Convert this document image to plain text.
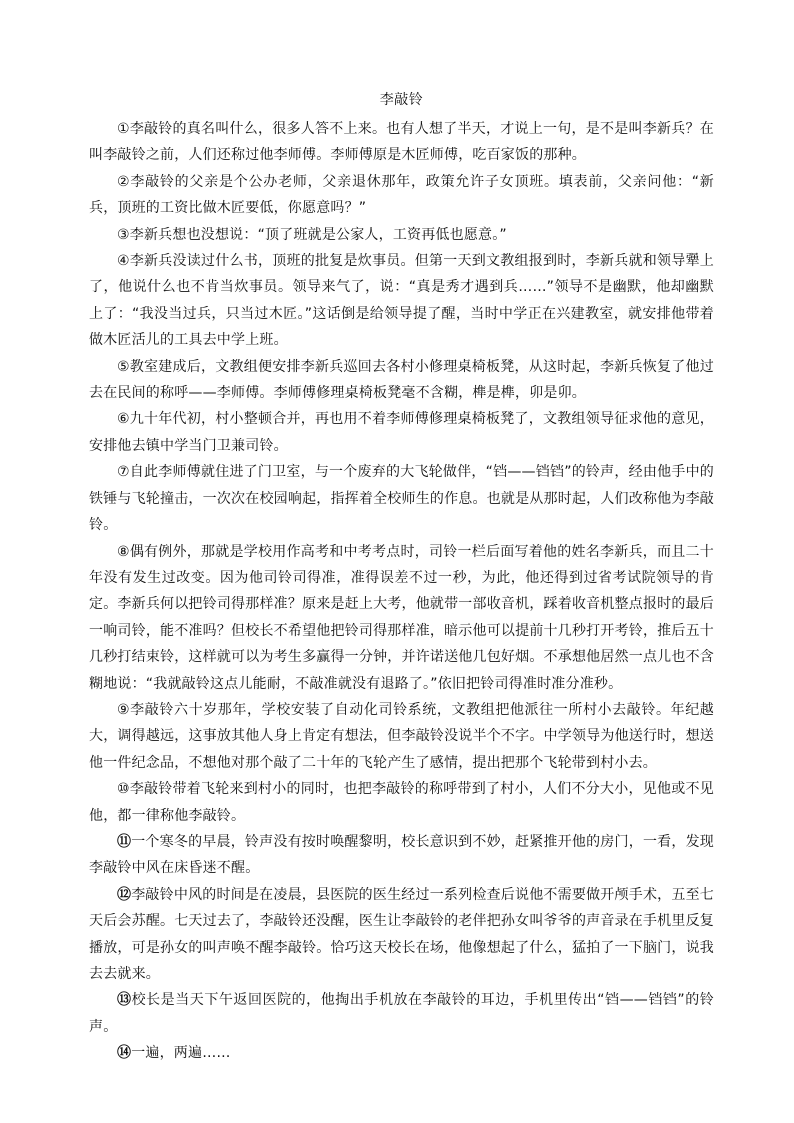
李敲铃

①李敲铃的真名叫什么，很多人答不上来。也有人想了半天，才说上一句，是不是叫李新兵？在叫李敲铃之前，人们还称过他李师傅。李师傅原是木匠师傅，吃百家饭的那种。

②李敲铃的父亲是个公办老师，父亲退休那年，政策允许子女顶班。填表前，父亲问他：“新兵，顶班的工资比做木匠要低，你愿意吗？”

③李新兵想也没想说：“顶了班就是公家人，工资再低也愿意。”

④李新兵没读过什么书，顶班的批复是炊事员。但第一天到文教组报到时，李新兵就和领导犟上了，他说什么也不肯当炊事员。领导来气了，说：“真是秀才遇到兵……”领导不是幽默，他却幽默上了：“我没当过兵，只当过木匠。”这话倒是给领导提了醒，当时中学正在兴建教室，就安排他带着做木匠活儿的工具去中学上班。

⑤教室建成后，文教组便安排李新兵巡回去各村小修理桌椅板凳，从这时起，李新兵恢复了他过去在民间的称呼——李师傅。李师傅修理桌椅板凳毫不含糊，榫是榫，卯是卯。

⑥九十年代初，村小整顿合并，再也用不着李师傅修理桌椅板凳了，文教组领导征求他的意见，安排他去镇中学当门卫兼司铃。

⑦自此李师傅就住进了门卫室，与一个废弃的大飞轮做伴，“铛——铛铛”的铃声，经由他手中的铁锤与飞轮撞击，一次次在校园响起，指挥着全校师生的作息。也就是从那时起，人们改称他为李敲铃。

⑧偶有例外，那就是学校用作高考和中考考点时，司铃一栏后面写着他的姓名李新兵，而且二十年没有发生过改变。因为他司铃司得准，准得误差不过一秒，为此，他还得到过省考试院领导的肯定。李新兵何以把铃司得那样准？原来是赶上大考，他就带一部收音机，踩着收音机整点报时的最后一响司铃，能不准吗？但校长不希望他把铃司得那样准，暗示他可以提前十几秒打开考铃，推后五十几秒打结束铃，这样就可以为考生多赢得一分钟，并许诺送他几包好烟。不承想他居然一点儿也不含糊地说：“我就敲铃这点儿能耐，不敲准就没有退路了。”依旧把铃司得准时准分准秒。

⑨李敲铃六十岁那年，学校安装了自动化司铃系统，文教组把他派往一所村小去敲铃。年纪越大，调得越远，这事放其他人身上肯定有想法，但李敲铃没说半个不字。中学领导为他送行时，想送他一件纪念品，不想他对那个敲了二十年的飞轮产生了感情，提出把那个飞轮带到村小去。

⑩李敲铃带着飞轮来到村小的同时，也把李敲铃的称呼带到了村小，人们不分大小，见他或不见他，都一律称他李敲铃。

⑪一个寒冬的早晨，铃声没有按时唤醒黎明，校长意识到不妙，赶紧推开他的房门，一看，发现李敲铃中风在床昏迷不醒。

⑫李敲铃中风的时间是在凌晨，县医院的医生经过一系列检查后说他不需要做开颅手术，五至七天后会苏醒。七天过去了，李敲铃还没醒，医生让李敲铃的老伴把孙女叫爷爷的声音录在手机里反复播放，可是孙女的叫声唤不醒李敲铃。恰巧这天校长在场，他像想起了什么，猛拍了一下脑门，说我去去就来。

⑬校长是当天下午返回医院的，他掏出手机放在李敲铃的耳边，手机里传出“铛——铛铛”的铃声。

⑭一遍，两遍……
